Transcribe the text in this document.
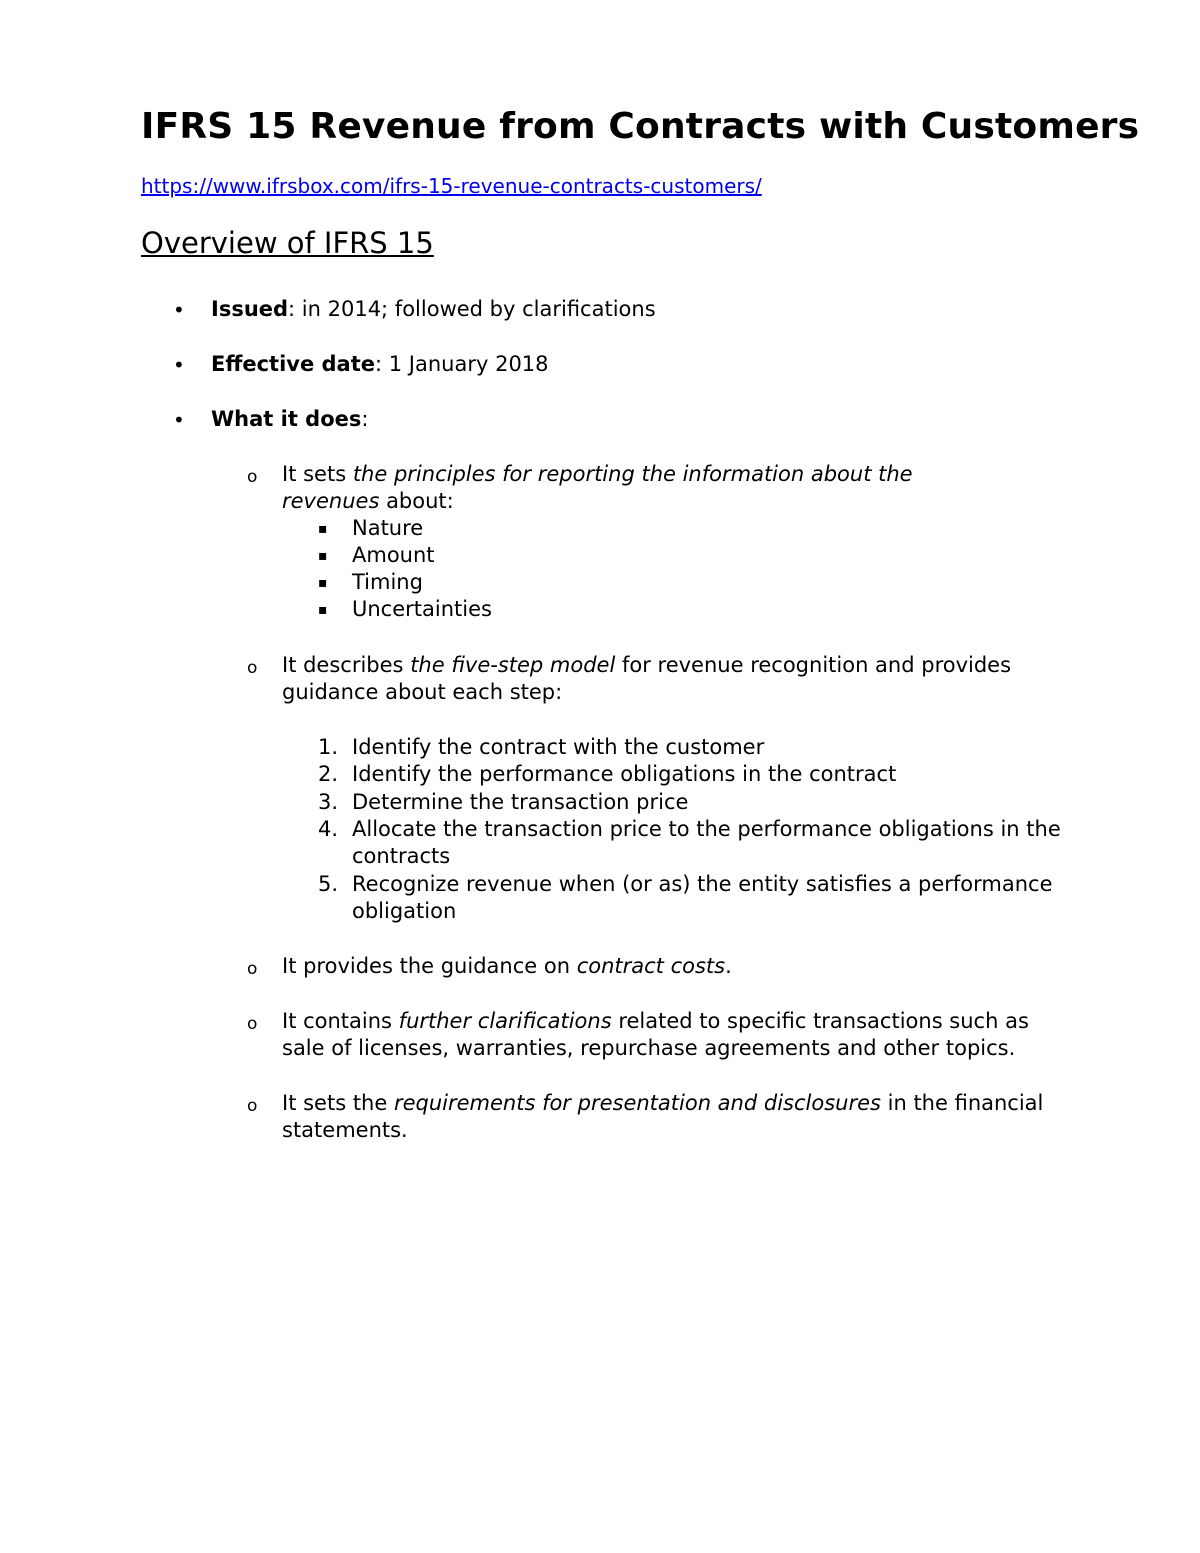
IFRS 15 Revenue from Contracts with Customers
https://www.ifrsbox.com/ifrs-15-revenue-contracts-customers/
Overview of IFRS 15
• Issued: in 2014; followed by clarifications
• Effective date: 1 January 2018
• What it does:
o It sets the principles for reporting the information about the
revenues about:
▪ Nature
▪ Amount
▪ Timing
▪ Uncertainties
o It describes the five-step model for revenue recognition and provides
guidance about each step:
1. Identify the contract with the customer
2. Identify the performance obligations in the contract
3. Determine the transaction price
4. Allocate the transaction price to the performance obligations in the
contracts
5. Recognize revenue when (or as) the entity satisfies a performance
obligation
o It provides the guidance on contract costs.
o It contains further clarifications related to specific transactions such as
sale of licenses, warranties, repurchase agreements and other topics.
o It sets the requirements for presentation and disclosures in the financial
statements.
